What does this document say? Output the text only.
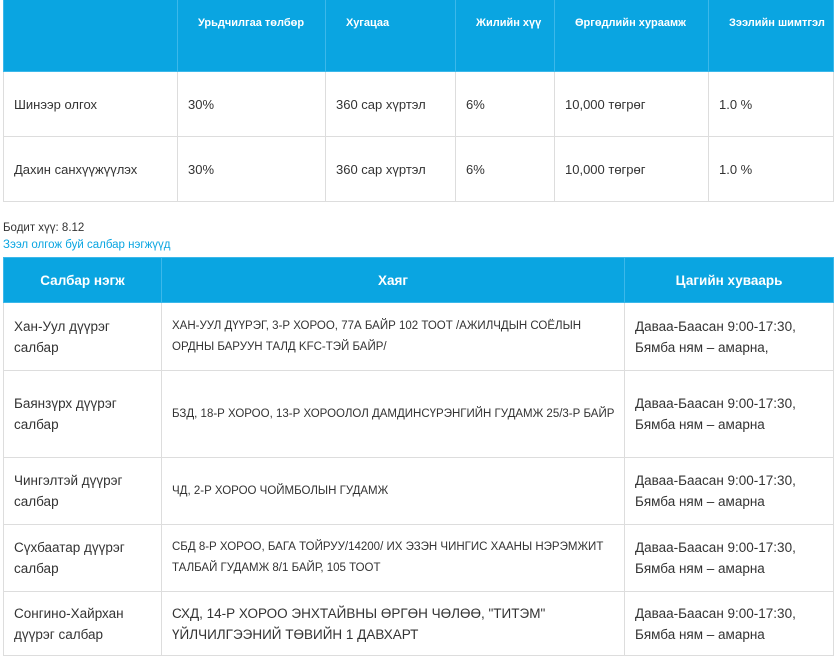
	Урьдчилгаа төлбөр	Хугацаа	Жилийн хүү	Өргөдлийн хураамж	Зээлийн шимтгэл
Шинээр олгох	30%	360 сар хүртэл	6%	10,000 төгрөг	1.0 %
Дахин санхүүжүүлэх	30%	360 сар хүртэл	6%	10,000 төгрөг	1.0 %
Бодит хүү: 8.12
Зээл олгож буй салбар нэгжүүд
Салбар нэгж	Хаяг	Цагийн хуваарь
Хан-Уул дүүрэг салбар	ХАН-УУЛ ДҮҮРЭГ, 3-Р ХОРОО, 77А БАЙР 102 ТООТ /АЖИЛЧДЫН СОЁЛЫН ОРДНЫ БАРУУН ТАЛД KFC-ТЭЙ БАЙР/	Даваа-Баасан 9:00-17:30,
Бямба ням – амарна,

Баянзүрх дүүрэг салбар	БЗД, 18-Р ХОРОО, 13-Р ХОРООЛОЛ ДАМДИНСҮРЭНГИЙН ГУДАМЖ 25/3-Р БАЙР	Даваа-Баасан 9:00-17:30,
Бямба ням – амарна

Чингэлтэй дүүрэг салбар	ЧД, 2-Р ХОРОО ЧОЙМБОЛЫН ГУДАМЖ	Даваа-Баасан 9:00-17:30,
Бямба ням – амарна

Сүхбаатар дүүрэг салбар	СБД 8-Р ХОРОО, БАГА ТОЙРУУ/14200/ ИХ ЭЗЭН ЧИНГИС ХААНЫ НЭРЭМЖИТ ТАЛБАЙ ГУДАМЖ 8/1 БАЙР, 105 ТООТ	Даваа-Баасан 9:00-17:30,
Бямба ням – амарна

Сонгино-Хайрхан дүүрэг салбар	СХД, 14-Р ХОРОО ЭНХТАЙВНЫ ӨРГӨН ЧӨЛӨӨ, "ТИТЭМ" ҮЙЛЧИЛГЭЭНИЙ ТӨВИЙН 1 ДАВХАРТ	Даваа-Баасан 9:00-17:30,
Бямба ням – амарна
